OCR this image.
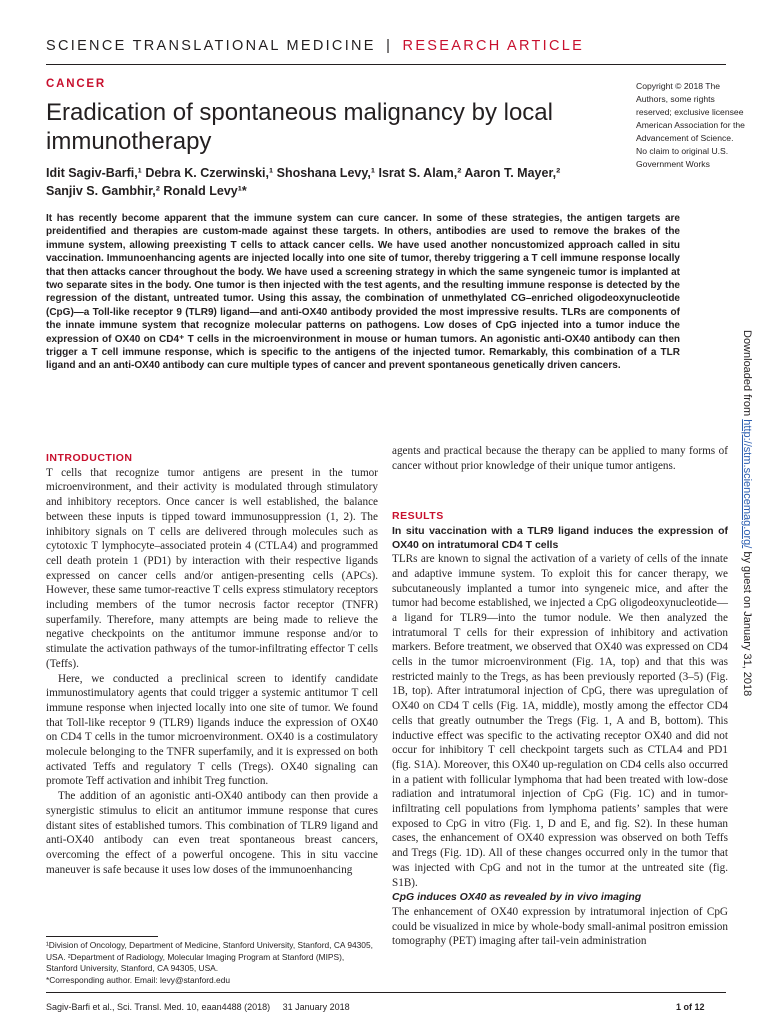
SCIENCE TRANSLATIONAL MEDICINE | RESEARCH ARTICLE
CANCER
Eradication of spontaneous malignancy by local immunotherapy
Idit Sagiv-Barfi,¹ Debra K. Czerwinski,¹ Shoshana Levy,¹ Israt S. Alam,² Aaron T. Mayer,²
Sanjiv S. Gambhir,² Ronald Levy¹*
Copyright © 2018 The Authors, some rights reserved; exclusive licensee American Association for the Advancement of Science. No claim to original U.S. Government Works
It has recently become apparent that the immune system can cure cancer. In some of these strategies, the antigen targets are preidentified and therapies are custom-made against these targets. In others, antibodies are used to remove the brakes of the immune system, allowing preexisting T cells to attack cancer cells. We have used another noncustomized approach called in situ vaccination. Immunoenhancing agents are injected locally into one site of tumor, thereby triggering a T cell immune response locally that then attacks cancer throughout the body. We have used a screening strategy in which the same syngeneic tumor is implanted at two separate sites in the body. One tumor is then injected with the test agents, and the resulting immune response is detected by the regression of the distant, untreated tumor. Using this assay, the combination of unmethylated CG–enriched oligodeoxynucleotide (CpG)—a Toll-like receptor 9 (TLR9) ligand—and anti-OX40 antibody provided the most impressive results. TLRs are components of the innate immune system that recognize molecular patterns on pathogens. Low doses of CpG injected into a tumor induce the expression of OX40 on CD4⁺ T cells in the microenvironment in mouse or human tumors. An agonistic anti-OX40 antibody can then trigger a T cell immune response, which is specific to the antigens of the injected tumor. Remarkably, this combination of a TLR ligand and an anti-OX40 antibody can cure multiple types of cancer and prevent spontaneous genetically driven cancers.	Downloaded from http://stm.sciencemag.org/ by guest on January 31, 2018
INTRODUCTION

T cells that recognize tumor antigens are present in the tumor microenvironment, and their activity is modulated through stimulatory and inhibitory receptors. Once cancer is well established, the balance between these inputs is tipped toward immunosuppression (1, 2). The inhibitory signals on T cells are delivered through molecules such as cytotoxic T lymphocyte–associated protein 4 (CTLA4) and programmed cell death protein 1 (PD1) by interaction with their respective ligands expressed on cancer cells and/or antigen-presenting cells (APCs). However, these same tumor-reactive T cells express stimulatory receptors including members of the tumor necrosis factor receptor (TNFR) superfamily. Therefore, many attempts are being made to relieve the negative checkpoints on the antitumor immune response and/or to stimulate the activation pathways of the tumor-infiltrating effector T cells (Teffs).

Here, we conducted a preclinical screen to identify candidate immunostimulatory agents that could trigger a systemic antitumor T cell immune response when injected locally into one site of tumor. We found that Toll-like receptor 9 (TLR9) ligands induce the expression of OX40 on CD4 T cells in the tumor microenvironment. OX40 is a costimulatory molecule belonging to the TNFR superfamily, and it is expressed on both activated Teffs and regulatory T cells (Tregs). OX40 signaling can promote Teff activation and inhibit Treg function.

The addition of an agonistic anti-OX40 antibody can then provide a synergistic stimulus to elicit an antitumor immune response that cures distant sites of established tumors. This combination of TLR9 ligand and anti-OX40 antibody can even treat spontaneous breast cancers, overcoming the effect of a powerful oncogene. This in situ vaccine maneuver is safe because it uses low doses of the immunoenhancing

agents and practical because the therapy can be applied to many forms of cancer without prior knowledge of their unique tumor antigens.

RESULTS
In situ vaccination with a TLR9 ligand induces the expression of OX40 on intratumoral CD4 T cells

TLRs are known to signal the activation of a variety of cells of the innate and adaptive immune system. To exploit this for cancer therapy, we subcutaneously implanted a tumor into syngeneic mice, and after the tumor had become established, we injected a CpG oligodeoxynucleotide—a ligand for TLR9—into the tumor nodule. We then analyzed the intratumoral T cells for their expression of inhibitory and activation markers. Before treatment, we observed that OX40 was expressed on CD4 cells in the tumor microenvironment (Fig. 1A, top) and that this was restricted mainly to the Tregs, as has been previously reported (3–5) (Fig. 1B, top). After intratumoral injection of CpG, there was upregulation of OX40 on CD4 T cells (Fig. 1A, middle), mostly among the effector CD4 cells that greatly outnumber the Tregs (Fig. 1, A and B, bottom). This inductive effect was specific to the activating receptor OX40 and did not occur for inhibitory T cell checkpoint targets such as CTLA4 and PD1 (fig. S1A). Moreover, this OX40 up-regulation on CD4 cells also occurred in a patient with follicular lymphoma that had been treated with low-dose radiation and intratumoral injection of CpG (Fig. 1C) and in tumor-infiltrating cell populations from lymphoma patients’ samples that were exposed to CpG in vitro (Fig. 1, D and E, and fig. S2). In these human cases, the enhancement of OX40 expression was observed on both Teffs and Tregs (Fig. 1D). All of these changes occurred only in the tumor that was injected with CpG and not in the tumor at the untreated site (fig. S1B).

CpG induces OX40 as revealed by in vivo imaging

The enhancement of OX40 expression by intratumoral injection of CpG could be visualized in mice by whole-body small-animal positron emission tomography (PET) imaging after tail-vein administration

¹Division of Oncology, Department of Medicine, Stanford University, Stanford, CA 94305, USA. ²Department of Radiology, Molecular Imaging Program at Stanford (MIPS), Stanford University, Stanford, CA 94305, USA.
*Corresponding author. Email: levy@stanford.edu
Sagiv-Barfi et al., Sci. Transl. Med. 10, eaan4488 (2018)     31 January 2018	1 of 12
